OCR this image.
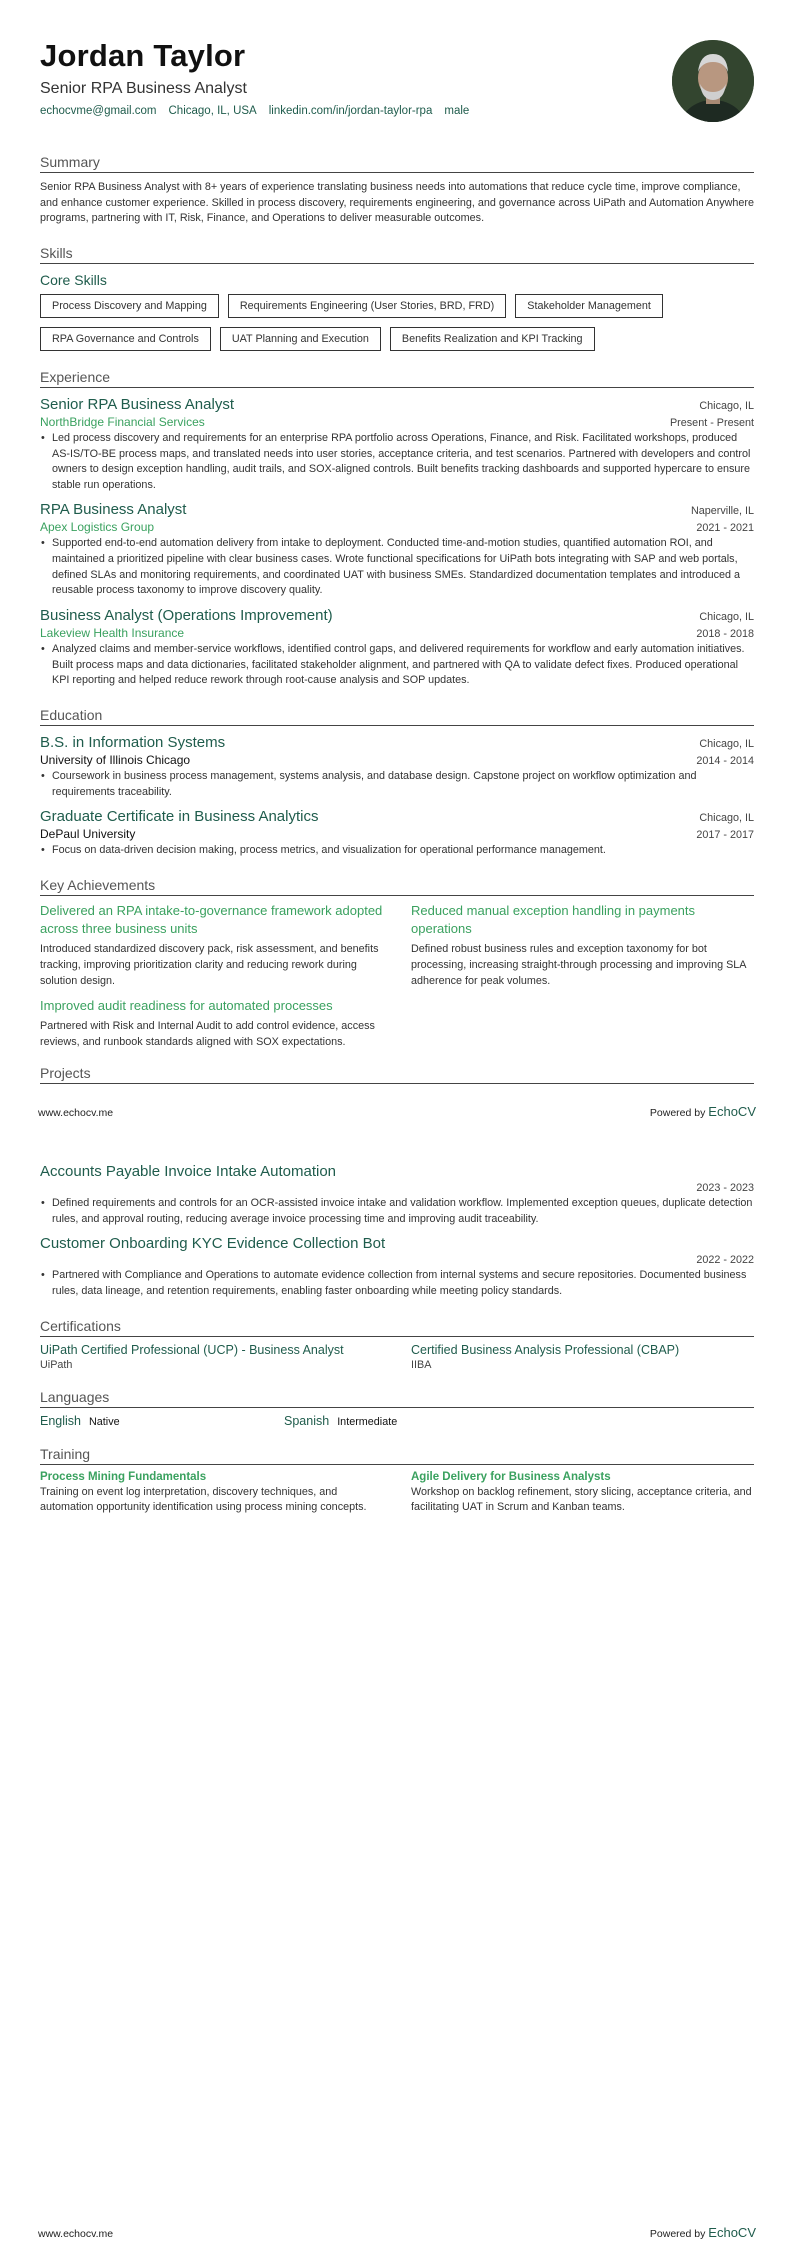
Jordan Taylor
Senior RPA Business Analyst
echocvme@gmail.com Chicago, IL, USA linkedin.com/in/jordan-taylor-rpa male
Summary
Senior RPA Business Analyst with 8+ years of experience translating business needs into automations that reduce cycle time, improve compliance, and enhance customer experience. Skilled in process discovery, requirements engineering, and governance across UiPath and Automation Anywhere programs, partnering with IT, Risk, Finance, and Operations to deliver measurable outcomes.
Skills
Core Skills
Process Discovery and Mapping	Requirements Engineering (User Stories, BRD, FRD)	Stakeholder Management
RPA Governance and Controls	UAT Planning and Execution	Benefits Realization and KPI Tracking
Experience
Senior RPA Business Analyst	Chicago, IL
NorthBridge Financial Services	Present - Present
• Led process discovery and requirements for an enterprise RPA portfolio across Operations, Finance, and Risk. Facilitated workshops, produced AS-IS/TO-BE process maps, and translated needs into user stories, acceptance criteria, and test scenarios. Partnered with developers and control owners to design exception handling, audit trails, and SOX-aligned controls. Built benefits tracking dashboards and supported hypercare to ensure stable run operations.
RPA Business Analyst	Naperville, IL
Apex Logistics Group	2021 - 2021
• Supported end-to-end automation delivery from intake to deployment. Conducted time-and-motion studies, quantified automation ROI, and maintained a prioritized pipeline with clear business cases. Wrote functional specifications for UiPath bots integrating with SAP and web portals, defined SLAs and monitoring requirements, and coordinated UAT with business SMEs. Standardized documentation templates and introduced a reusable process taxonomy to improve discovery quality.
Business Analyst (Operations Improvement)	Chicago, IL
Lakeview Health Insurance	2018 - 2018
• Analyzed claims and member-service workflows, identified control gaps, and delivered requirements for workflow and early automation initiatives. Built process maps and data dictionaries, facilitated stakeholder alignment, and partnered with QA to validate defect fixes. Produced operational KPI reporting and helped reduce rework through root-cause analysis and SOP updates.
Education
B.S. in Information Systems	Chicago, IL
University of Illinois Chicago	2014 - 2014
• Coursework in business process management, systems analysis, and database design. Capstone project on workflow optimization and requirements traceability.
Graduate Certificate in Business Analytics	Chicago, IL
DePaul University	2017 - 2017
• Focus on data-driven decision making, process metrics, and visualization for operational performance management.
Key Achievements
Delivered an RPA intake-to-governance framework adopted across three business units
Introduced standardized discovery pack, risk assessment, and benefits tracking, improving prioritization clarity and reducing rework during solution design.
Improved audit readiness for automated processes
Partnered with Risk and Internal Audit to add control evidence, access reviews, and runbook standards aligned with SOX expectations.
Reduced manual exception handling in payments operations
Defined robust business rules and exception taxonomy for bot processing, increasing straight-through processing and improving SLA adherence for peak volumes.
Projects
www.echocv.me	Powered by EchoCV
Accounts Payable Invoice Intake Automation
2023 - 2023
• Defined requirements and controls for an OCR-assisted invoice intake and validation workflow. Implemented exception queues, duplicate detection rules, and approval routing, reducing average invoice processing time and improving audit traceability.
Customer Onboarding KYC Evidence Collection Bot
2022 - 2022
• Partnered with Compliance and Operations to automate evidence collection from internal systems and secure repositories. Documented business rules, data lineage, and retention requirements, enabling faster onboarding while meeting policy standards.
Certifications
UiPath Certified Professional (UCP) - Business Analyst
UiPath
Certified Business Analysis Professional (CBAP)
IIBA
Languages
English Native	Spanish Intermediate
Training
Process Mining Fundamentals
Training on event log interpretation, discovery techniques, and automation opportunity identification using process mining concepts.
Agile Delivery for Business Analysts
Workshop on backlog refinement, story slicing, acceptance criteria, and facilitating UAT in Scrum and Kanban teams.
www.echocv.me	Powered by EchoCV
